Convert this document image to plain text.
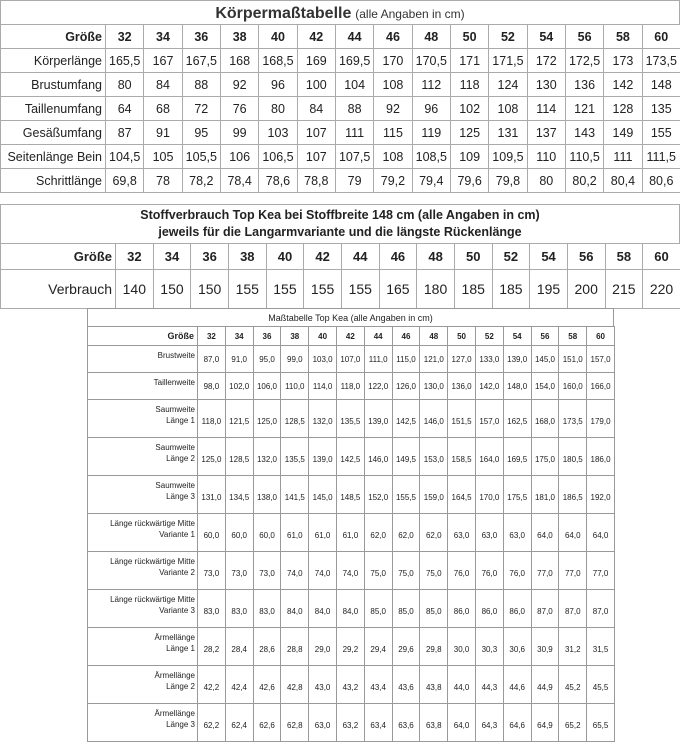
Körpermaßtabelle (alle Angaben in cm)
Größe	32	34	36	38	40	42	44	46	48	50	52	54	56	58	60
Körperlänge	165,5	167	167,5	168	168,5	169	169,5	170	170,5	171	171,5	172	172,5	173	173,5
Brustumfang	80	84	88	92	96	100	104	108	112	118	124	130	136	142	148
Taillenumfang	64	68	72	76	80	84	88	92	96	102	108	114	121	128	135
Gesäßumfang	87	91	95	99	103	107	111	115	119	125	131	137	143	149	155
Seitenlänge Bein	104,5	105	105,5	106	106,5	107	107,5	108	108,5	109	109,5	110	110,5	111	111,5
Schrittlänge	69,8	78	78,2	78,4	78,6	78,8	79	79,2	79,4	79,6	79,8	80	80,2	80,4	80,6
Stoffverbrauch Top Kea bei Stoffbreite 148 cm (alle Angaben in cm)
jeweils für die Langarmvariante und die längste Rückenlänge
Größe	32	34	36	38	40	42	44	46	48	50	52	54	56	58	60
Verbrauch	140	150	150	155	155	155	155	165	180	185	185	195	200	215	220
Maßtabelle Top Kea (alle Angaben in cm)
Größe	32	34	36	38	40	42	44	46	48	50	52	54	56	58	60

Brustweite	87,0	91,0	95,0	99,0	103,0	107,0	111,0	115,0	121,0	127,0	133,0	139,0	145,0	151,0	157,0

Taillenweite	98,0	102,0	106,0	110,0	114,0	118,0	122,0	126,0	130,0	136,0	142,0	148,0	154,0	160,0	166,0

Saumweite
Länge 1	118,0	121,5	125,0	128,5	132,0	135,5	139,0	142,5	146,0	151,5	157,0	162,5	168,0	173,5	179,0

Saumweite
Länge 2	125,0	128,5	132,0	135,5	139,0	142,5	146,0	149,5	153,0	158,5	164,0	169,5	175,0	180,5	186,0

Saumweite
Länge 3	131,0	134,5	138,0	141,5	145,0	148,5	152,0	155,5	159,0	164,5	170,0	175,5	181,0	186,5	192,0

Länge rückwärtige Mitte
Variante 1	60,0	60,0	60,0	61,0	61,0	61,0	62,0	62,0	62,0	63,0	63,0	63,0	64,0	64,0	64,0

Länge rückwärtige Mitte
Variante 2	73,0	73,0	73,0	74,0	74,0	74,0	75,0	75,0	75,0	76,0	76,0	76,0	77,0	77,0	77,0

Länge rückwärtige Mitte
Variante 3	83,0	83,0	83,0	84,0	84,0	84,0	85,0	85,0	85,0	86,0	86,0	86,0	87,0	87,0	87,0

Ärmellänge
Länge 1	28,2	28,4	28,6	28,8	29,0	29,2	29,4	29,6	29,8	30,0	30,3	30,6	30,9	31,2	31,5

Ärmellänge
Länge 2	42,2	42,4	42,6	42,8	43,0	43,2	43,4	43,6	43,8	44,0	44,3	44,6	44,9	45,2	45,5

Ärmellänge
Länge 3	62,2	62,4	62,6	62,8	63,0	63,2	63,4	63,6	63,8	64,0	64,3	64,6	64,9	65,2	65,5
